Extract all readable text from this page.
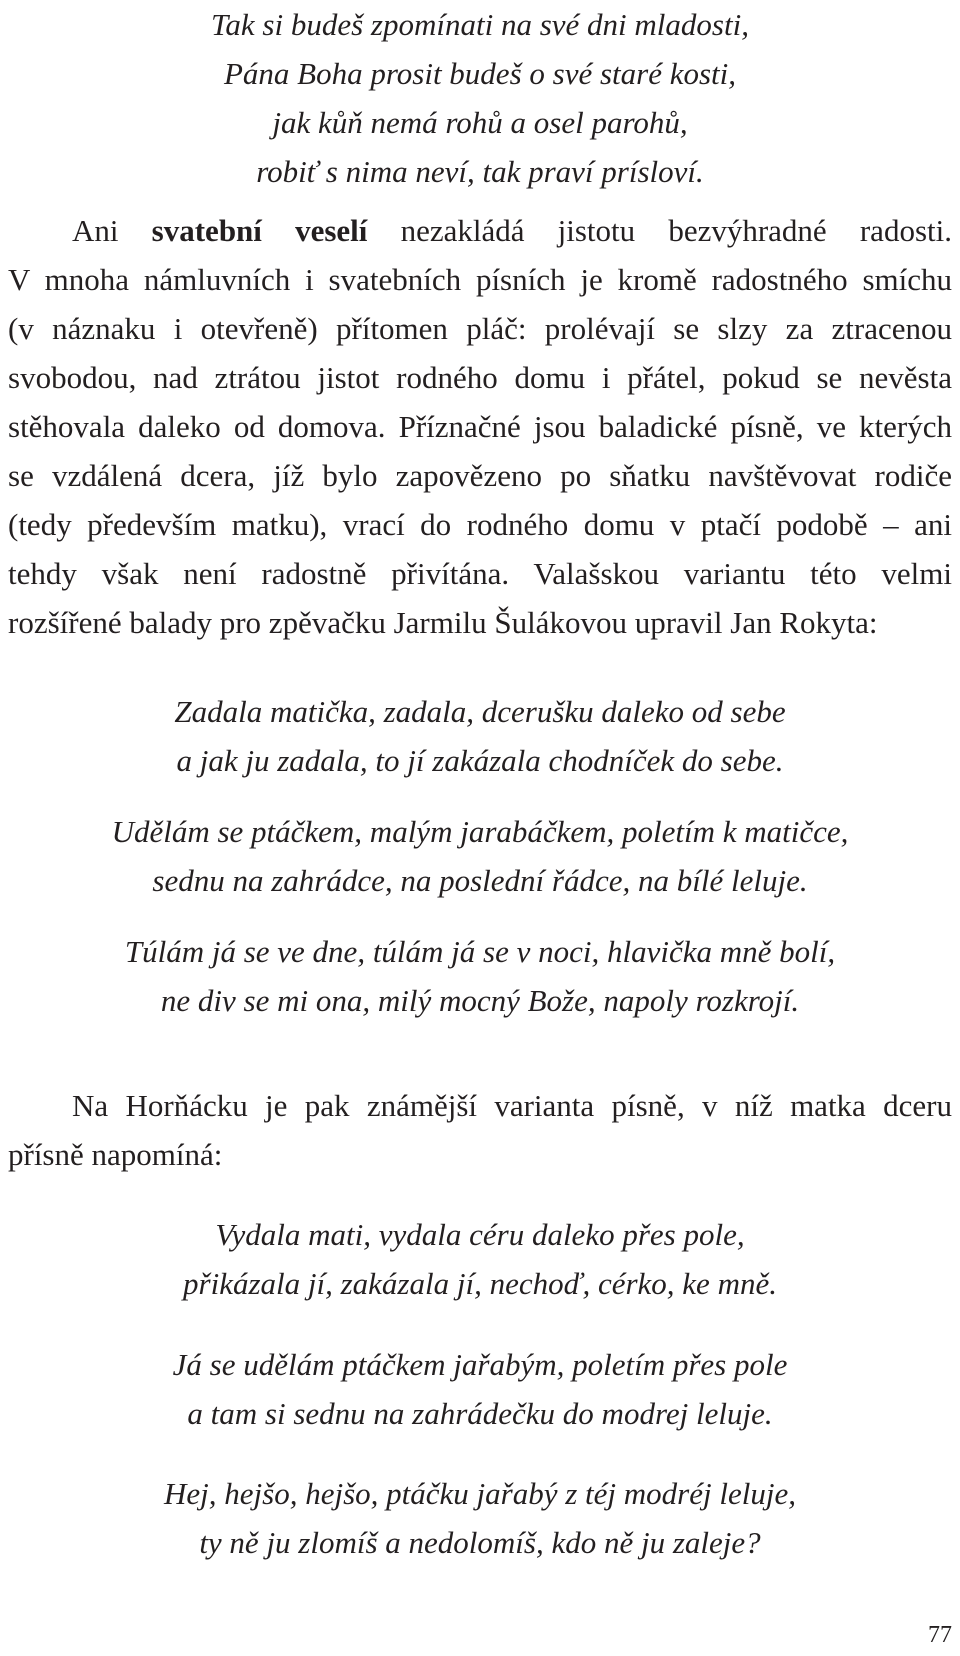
Tak si budeš zpomínati na své dni mladosti,
Pána Boha prosit budeš o své staré kosti,
jak kůň nemá rohů a osel parohů,
robiť s nima neví, tak praví prísloví.
Ani svatební veselí nezakládá jistotu bezvýhradné radosti.
V mnoha námluvních i svatebních písních je kromě radostného smíchu
(v náznaku i otevřeně) přítomen pláč: prolévají se slzy za ztracenou
svobodou, nad ztrátou jistot rodného domu i přátel, pokud se nevěsta
stěhovala daleko od domova. Příznačné jsou baladické písně, ve kterých
se vzdálená dcera, jíž bylo zapovězeno po sňatku navštěvovat rodiče
(tedy především matku), vrací do rodného domu v ptačí podobě – ani
tehdy však není radostně přivítána. Valašskou variantu této velmi
rozšířené balady pro zpěvačku Jarmilu Šulákovou upravil Jan Rokyta:
Zadala matička, zadala, dcerušku daleko od sebe
a jak ju zadala, to jí zakázala chodníček do sebe.
Udělám se ptáčkem, malým jarabáčkem, poletím k matičce,
sednu na zahrádce, na poslední řádce, na bílé leluje.
Túlám já se ve dne, túlám já se v noci, hlavička mně bolí,
ne div se mi ona, milý mocný Bože, napoly rozkrojí.
Na Horňácku je pak známější varianta písně, v níž matka dceru
přísně napomíná:
Vydala mati, vydala céru daleko přes pole,
přikázala jí, zakázala jí, nechoď, cérko, ke mně.
Já se udělám ptáčkem jařabým, poletím přes pole
a tam si sednu na zahrádečku do modrej leluje.
Hej, hejšo, hejšo, ptáčku jařabý z téj modréj leluje,
ty ně ju zlomíš a nedolomíš, kdo ně ju zaleje?
77
